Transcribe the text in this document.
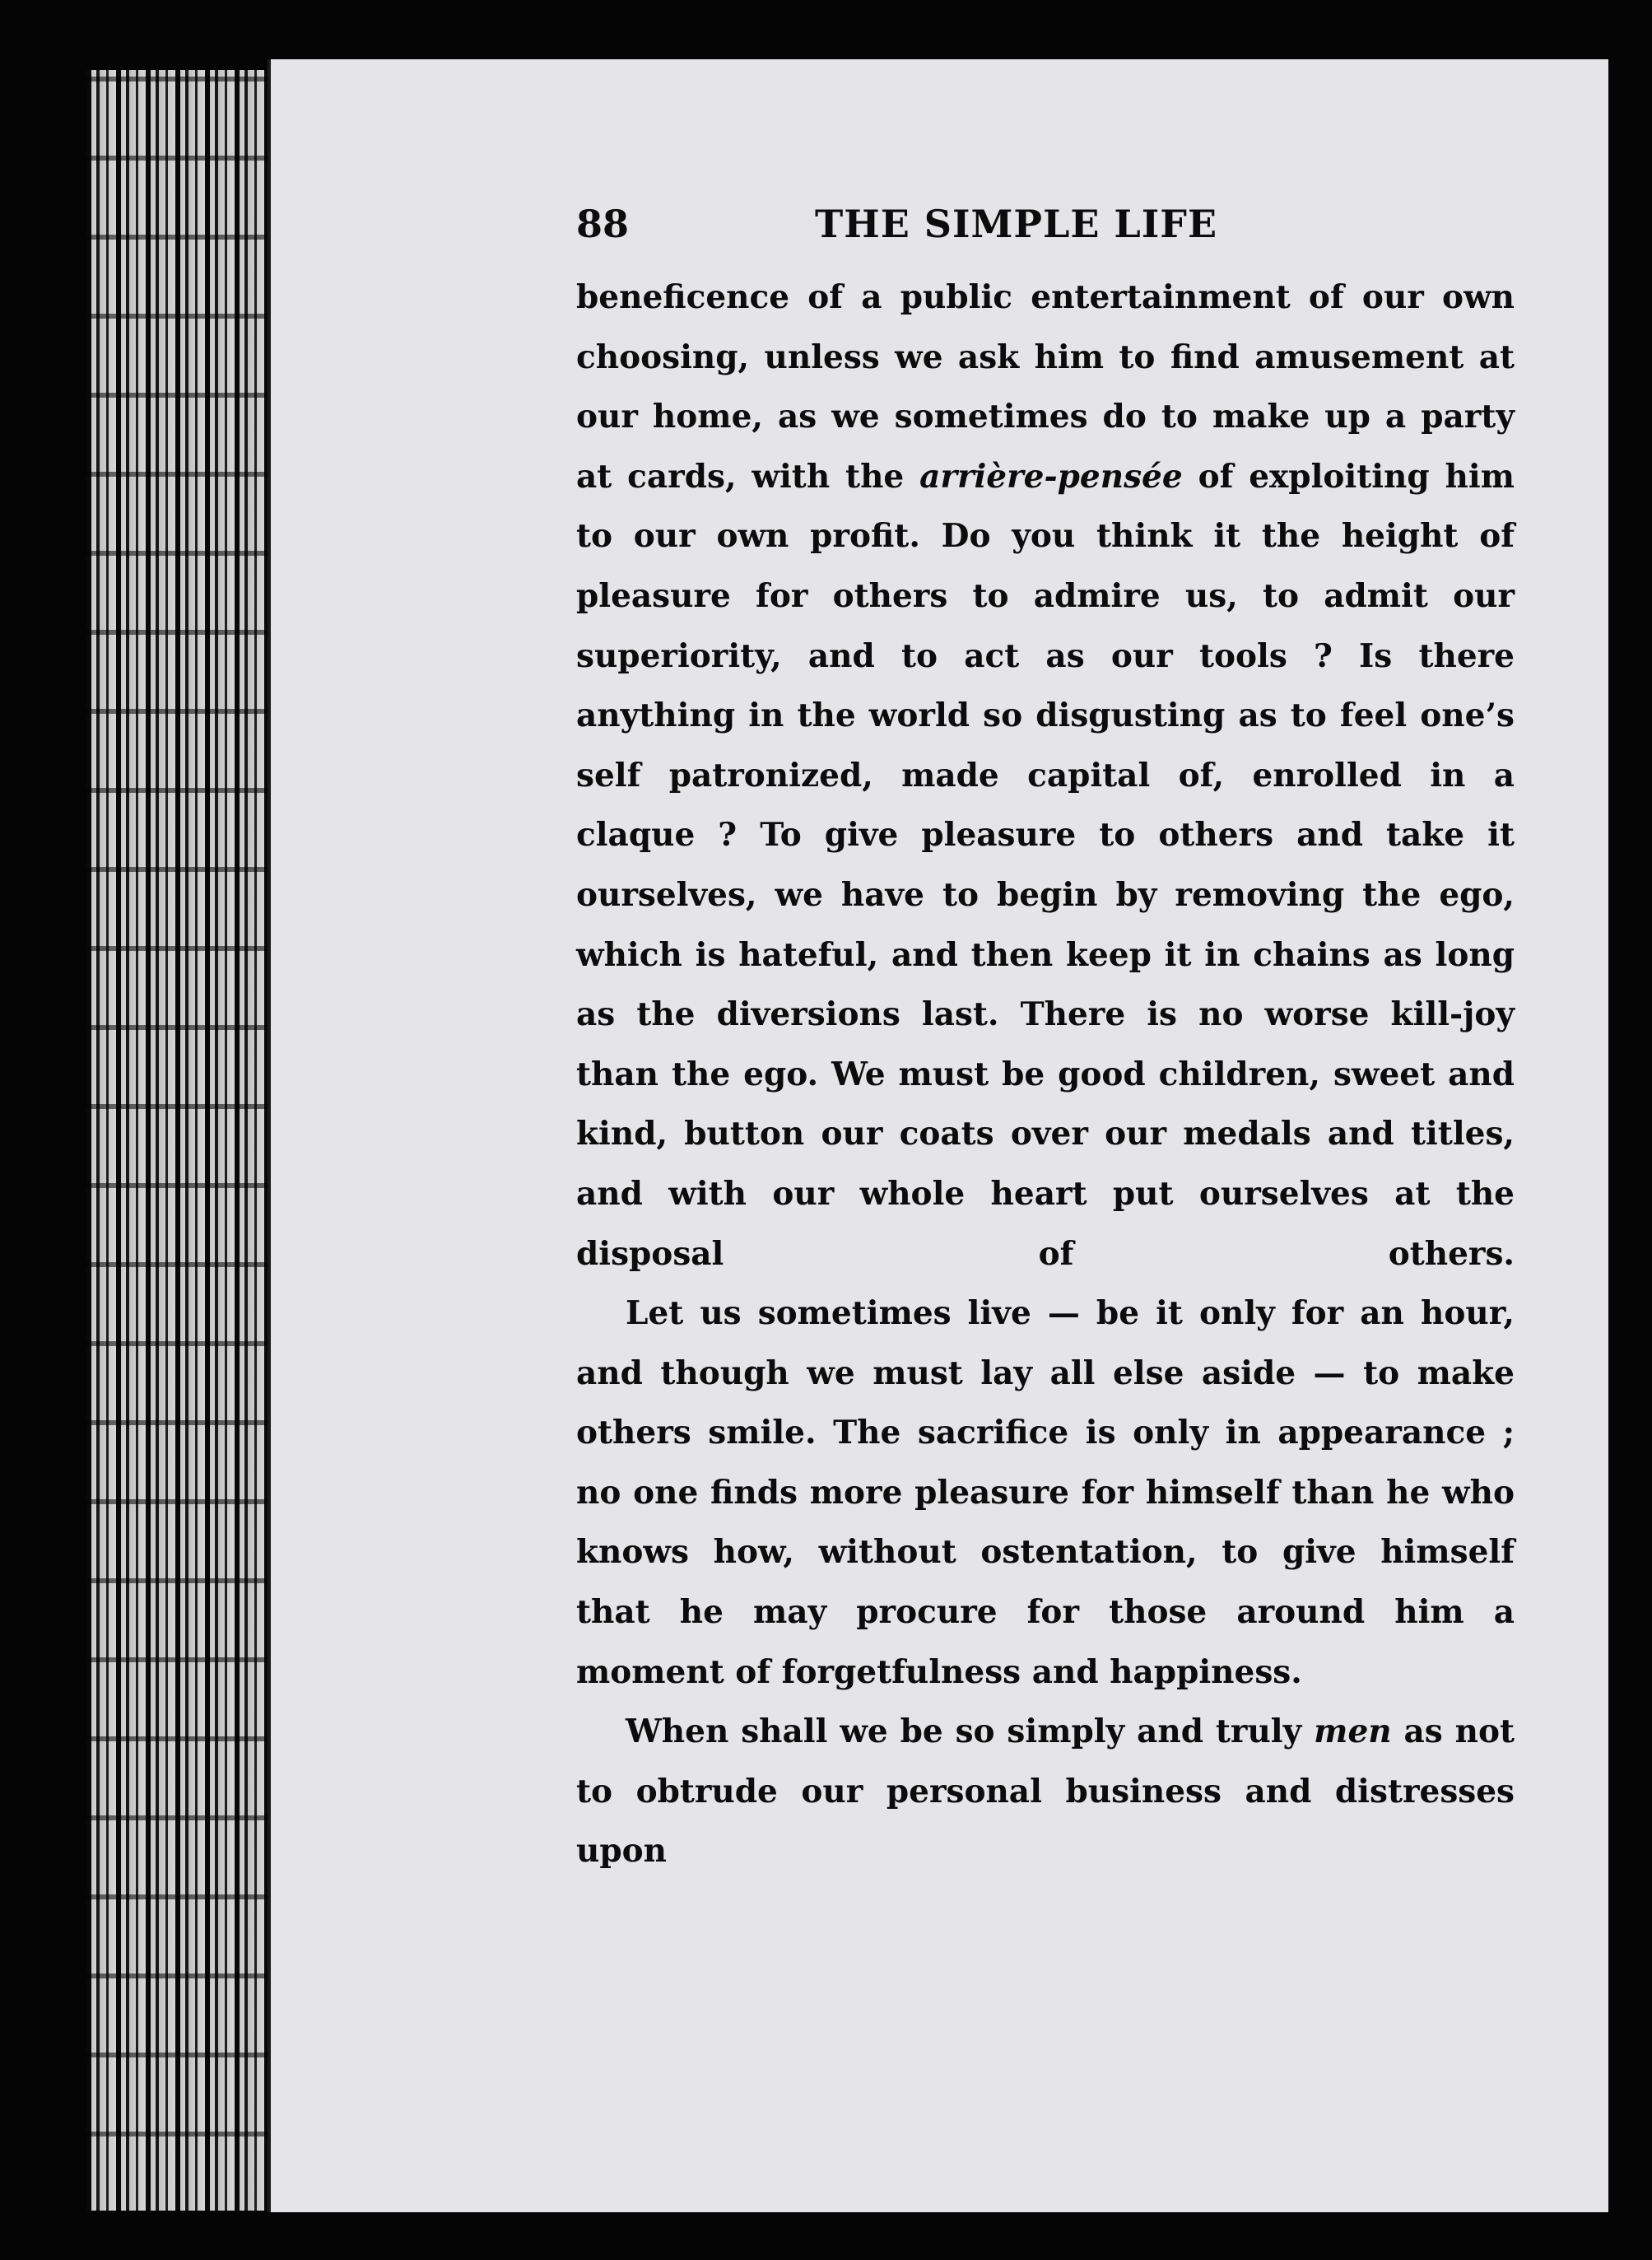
88	THE SIMPLE LIFE

beneficence of a public entertainment of our own choosing, unless we ask him to find amusement at our home, as we sometimes do to make up a party at cards, with the arrière-pensée of exploiting him to our own profit. Do you think it the height of pleasure for others to admire us, to admit our superiority, and to act as our tools ? Is there anything in the world so disgusting as to feel one’s self patronized, made capital of, enrolled in a claque ? To give pleasure to others and take it ourselves, we have to begin by removing the ego, which is hateful, and then keep it in chains as long as the diversions last. There is no worse kill-joy than the ego. We must be good children, sweet and kind, button our coats over our medals and titles, and with our whole heart put ourselves at the disposal of others.

Let us sometimes live — be it only for an hour, and though we must lay all else aside — to make others smile. The sacrifice is only in appearance ; no one finds more pleasure for himself than he who knows how, without ostentation, to give himself that he may procure for those around him a moment of forgetfulness and happiness.

When shall we be so simply and truly men as not to obtrude our personal business and distresses upon
